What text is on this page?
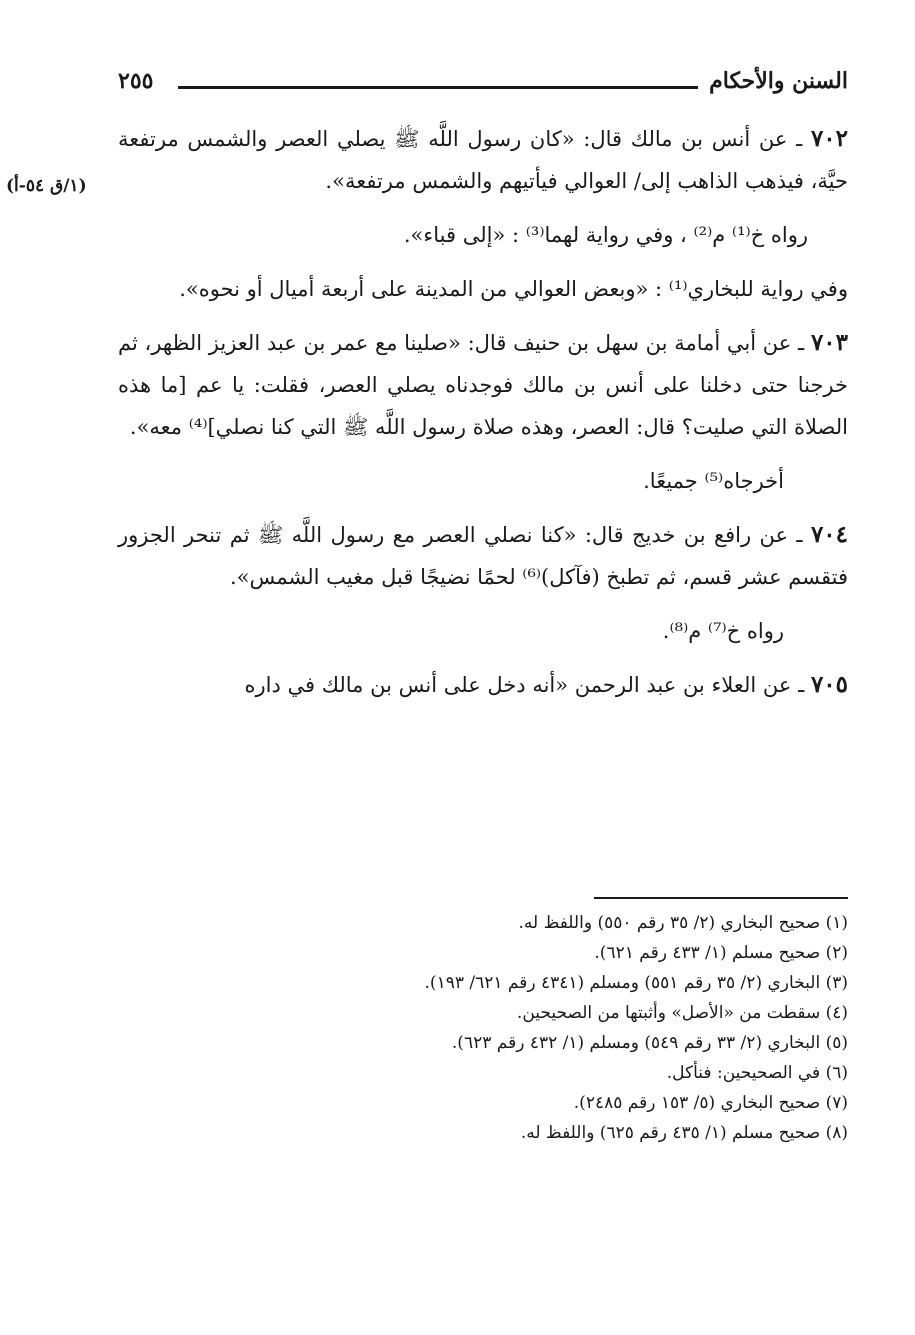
السنن والأحكام
٢٥٥
(١/ق ٥٤-أ)

٧٠٢ ـ عن أنس بن مالك قال: «كان رسول اللَّه ﷺ يصلي العصر والشمس مرتفعة حيَّة، فيذهب الذاهب إلى/ العوالي فيأتيهم والشمس مرتفعة».

رواه خ⁽¹⁾ م⁽²⁾ ، وفي رواية لهما⁽³⁾ : «إلى قباء».

وفي رواية للبخاري⁽¹⁾ : «وبعض العوالي من المدينة على أربعة أميال أو نحوه».

٧٠٣ ـ عن أبي أمامة بن سهل بن حنيف قال: «صلينا مع عمر بن عبد العزيز الظهر، ثم خرجنا حتى دخلنا على أنس بن مالك فوجدناه يصلي العصر، فقلت: يا عم [ما هذه الصلاة التي صليت؟ قال: العصر، وهذه صلاة رسول اللَّه ﷺ التي كنا نصلي]⁽⁴⁾ معه».

أخرجاه⁽⁵⁾ جميعًا.

٧٠٤ ـ عن رافع بن خديج قال: «كنا نصلي العصر مع رسول اللَّه ﷺ ثم تنحر الجزور فتقسم عشر قسم، ثم تطبخ (فآكل)⁽⁶⁾ لحمًا نضيجًا قبل مغيب الشمس».

رواه خ⁽⁷⁾ م⁽⁸⁾.

٧٠٥ ـ عن العلاء بن عبد الرحمن «أنه دخل على أنس بن مالك في داره

(١) صحيح البخاري (٢/ ٣٥ رقم ٥٥٠) واللفظ له.

(٢) صحيح مسلم (١/ ٤٣٣ رقم ٦٢١).

(٣) البخاري (٢/ ٣٥ رقم ٥٥١) ومسلم (٤٣٤١ رقم ٦٢١/ ١٩٣).

(٤) سقطت من «الأصل» وأثبتها من الصحيحين.

(٥) البخاري (٢/ ٣٣ رقم ٥٤٩) ومسلم (١/ ٤٣٢ رقم ٦٢٣).

(٦) في الصحيحين: فنأكل.

(٧) صحيح البخاري (٥/ ١٥٣ رقم ٢٤٨٥).

(٨) صحيح مسلم (١/ ٤٣٥ رقم ٦٢٥) واللفظ له.
